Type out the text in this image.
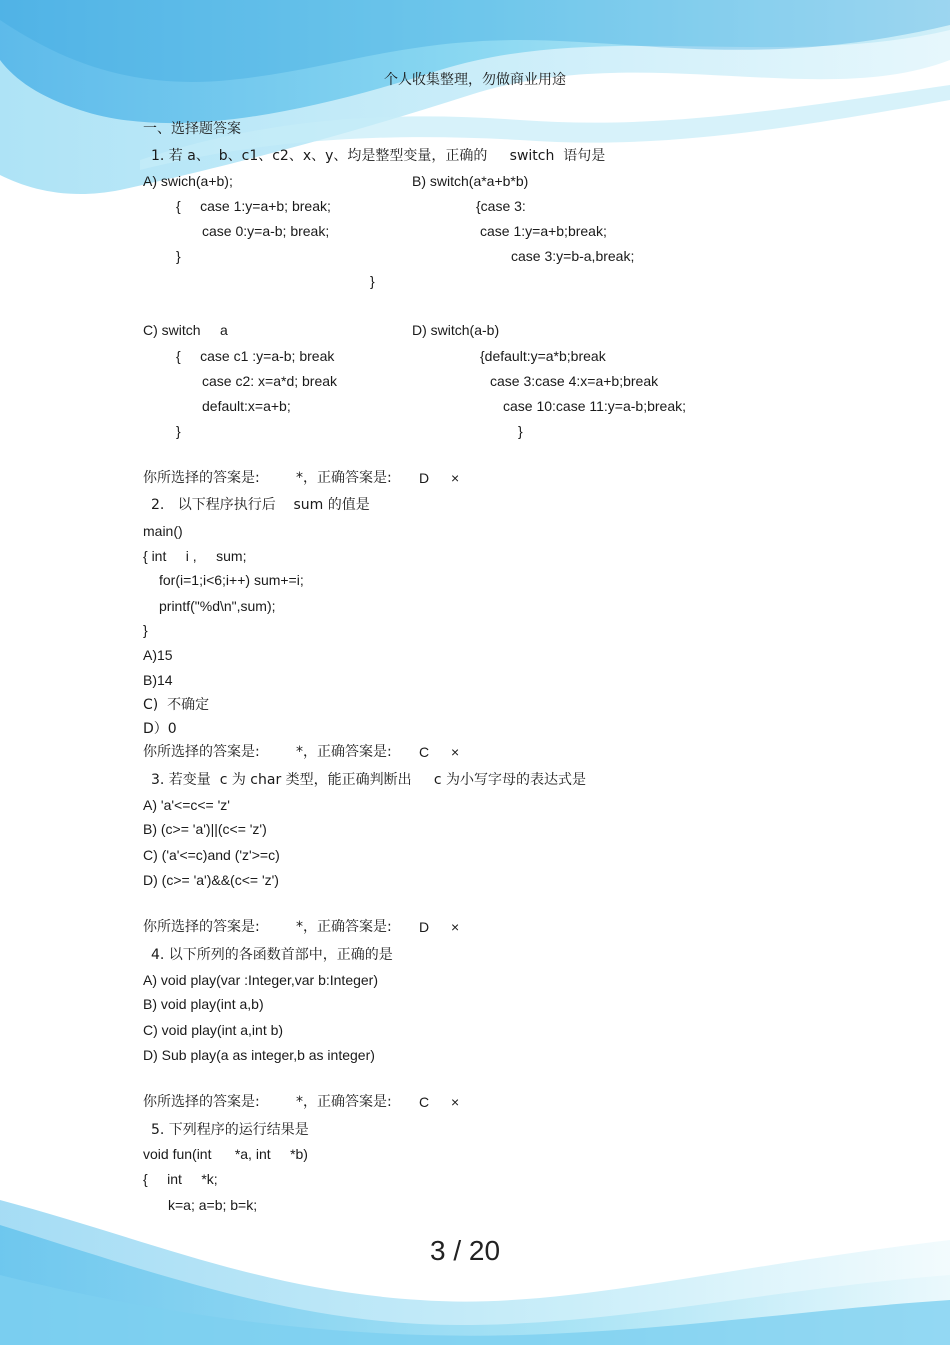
个人收集整理，勿做商业用途
一、选择题答案
1. 若 a、  b、c1、c2、x、y、均是整型变量，正确的     switch  语句是
A) swich(a+b);
{     case 1:y=a+b; break;
case 0:y=a-b; break;
}
B) switch(a*a+b*b)
{case 3:
case 1:y=a+b;break;
case 3:y=b-a,break;
}
C) switch     a
{     case c1 :y=a-b; break
case c2: x=a*d; break
default:x=a+b;
}
D) switch(a-b)
{default:y=a*b;break
case 3:case 4:x=a+b;break
case 10:case 11:y=a-b;break;
}
你所选择的答案是:	*，正确答案是: D ×
2.   以下程序执行后    sum 的值是
main()
{ int     i ,     sum;
for(i=1;i<6;i++) sum+=i;
printf("%d\n",sum);
}
A)15
B)14
C)  不确定
D）0
你所选择的答案是:	*，正确答案是: C ×
3. 若变量  c 为 char 类型，能正确判断出     c 为小写字母的表达式是
A) 'a'<=c<= 'z'
B) (c>= 'a')||(c<= 'z')
C) ('a'<=c)and ('z'>=c)
D) (c>= 'a')&&(c<= 'z')
你所选择的答案是:	*，正确答案是: D ×
4. 以下所列的各函数首部中，正确的是
A) void play(var :Integer,var b:Integer)
B) void play(int a,b)
C) void play(int a,int b)
D) Sub play(a as integer,b as integer)
你所选择的答案是:	*，正确答案是: C ×
5. 下列程序的运行结果是
void fun(int      *a, int     *b)
{     int     *k;
k=a; a=b; b=k;
3 / 20
